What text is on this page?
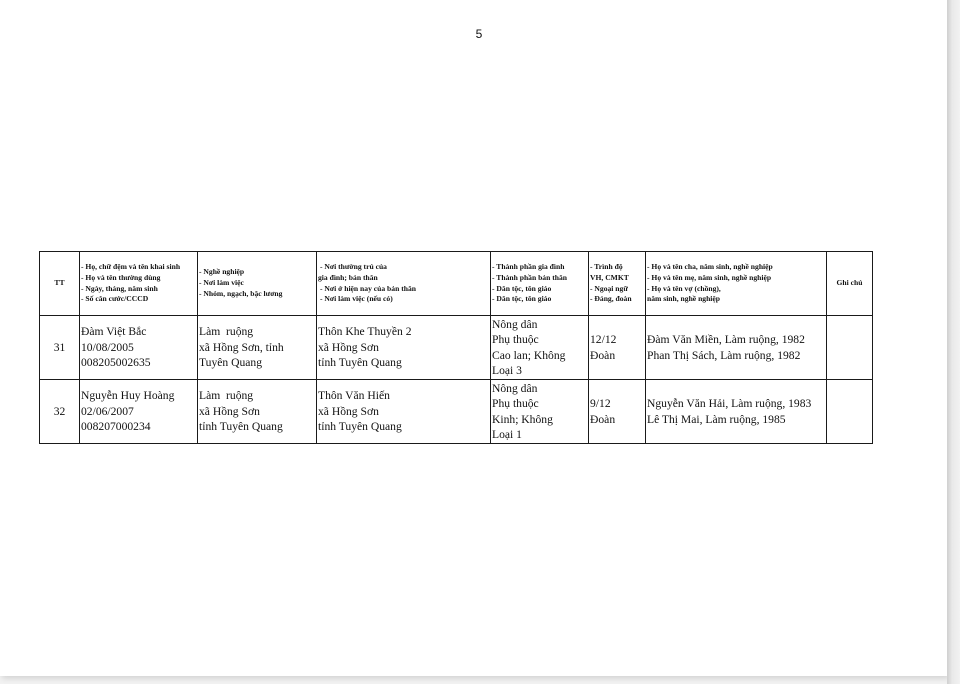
5
TT	- Họ, chữ đệm và tên khai sinh
- Họ và tên thường dùng
- Ngày, tháng, năm sinh
- Số căn cước/CCCD	- Nghề nghiệp
- Nơi làm việc
- Nhóm, ngạch, bậc lương	- Nơi thường trú của
gia đình; bản thân
- Nơi ở hiện nay của bản thân
- Nơi làm việc (nếu có)	- Thành phần gia đình
- Thành phần bản thân
- Dân tộc, tôn giáo
- Dân tộc, tôn giáo	- Trình độ
VH, CMKT
- Ngoại ngữ
- Đảng, đoàn	- Họ và tên cha, năm sinh, nghề nghiệp
- Họ và tên mẹ, năm sinh, nghề nghiệp
- Họ và tên vợ (chồng),
năm sinh, nghề nghiệp	Ghi chú
31	Đàm Việt Bắc
10/08/2005
008205002635	Làm  ruộng
xã Hồng Sơn, tỉnh
Tuyên Quang	Thôn Khe Thuyền 2
xã Hồng Sơn
tỉnh Tuyên Quang	Nông dân
Phụ thuộc
Cao lan; Không
Loại 3	12/12
Đoàn	Đàm Văn Miền, Làm ruộng, 1982
Phan Thị Sách, Làm ruộng, 1982	

32	Nguyễn Huy Hoàng
02/06/2007
008207000234	Làm  ruộng
xã Hồng Sơn
tỉnh Tuyên Quang	Thôn Văn Hiến
xã Hồng Sơn
tỉnh Tuyên Quang	Nông dân
Phụ thuộc
Kinh; Không
Loại 1	9/12
Đoàn	Nguyễn Văn Hải, Làm ruộng, 1983
Lê Thị Mai, Làm ruộng, 1985	
